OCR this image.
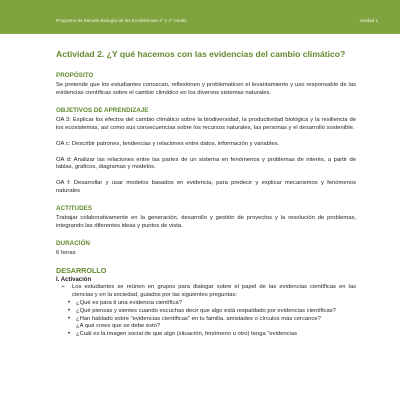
Programa de Estudio Biología de los Ecosistemas 3° y 4° medio	Unidad 1
Actividad 2. ¿Y qué hacemos con las evidencias del cambio climático?
PROPÓSITO

Se pretende que los estudiantes conozcan, reflexionen y problematicen el levantamiento y uso responsable de las evidencias científicas sobre el cambio climático en los diversos sistemas naturales.

OBJETIVOS DE APRENDIZAJE

OA 3: Explicar los efectos del cambio climático sobre la biodiversidad, la productividad biológica y la resiliencia de los ecosistemas, así como sus consecuencias sobre los recursos naturales, las personas y el desarrollo sostenible.

OA c: Describir patrones, tendencias y relaciones entre datos, información y variables.

OA d: Analizar las relaciones entre las partes de un sistema en fenómenos y problemas de interés, a partir de tablas, gráficos, diagramas y modelos.

OA f: Desarrollar y usar modelos basados en evidencia, para predecir y explicar mecanismos y fenómenos naturales

ACTITUDES

Trabajar colaborativamente en la generación, desarrollo y gestión de proyectos y la resolución de problemas, integrando las diferentes ideas y puntos de vista.

DURACIÓN

6 horas

DESARROLLO
I. Activación
➢ Los estudiantes se reúnen en grupos para dialogar sobre el papel de las evidencias científicas en las ciencias y en la sociedad, guiados por las siguientes preguntas:
• ¿Qué es para ti una evidencia científica?
• ¿Qué piensas y sientes cuando escuchas decir que algo está respaldado por evidencias científicas?
• ¿Han hablado sobre "evidencias científicas" en tu familia, amistades o círculos más cercanos?
¿A qué crees que se debe esto?
• ¿Cuál es la imagen social de que algo (situación, fenómeno u otro) tenga "evidencias
